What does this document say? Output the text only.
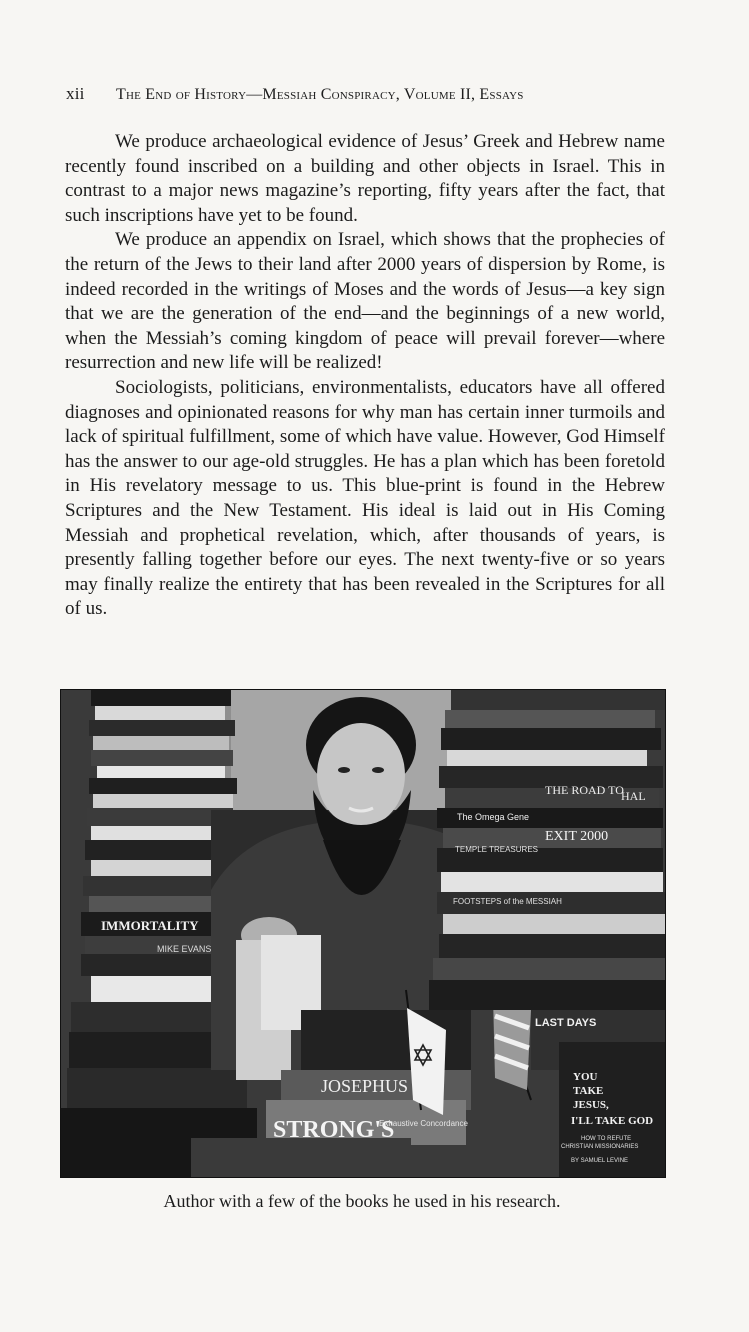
xii The End of History—Messiah Conspiracy, Volume II, Essays

We produce archaeological evidence of Jesus’ Greek and Hebrew name recently found inscribed on a building and other objects in Israel. This in contrast to a major news magazine’s reporting, fifty years after the fact, that such inscriptions have yet to be found.

We produce an appendix on Israel, which shows that the prophecies of the return of the Jews to their land after 2000 years of dispersion by Rome, is indeed recorded in the writings of Moses and the words of Jesus—a key sign that we are the generation of the end—and the beginnings of a new world, when the Messiah’s coming kingdom of peace will prevail forever—where resurrection and new life will be realized!

Sociologists, politicians, environmentalists, educators have all offered diagnoses and opinionated reasons for why man has certain inner turmoils and lack of spiritual fulfillment, some of which have value. However, God Himself has the answer to our age-old struggles. He has a plan which has been foretold in His revelatory message to us. This blue-print is found in the Hebrew Scriptures and the New Testament. His ideal is laid out in His Coming Messiah and prophetical revelation, which, after thousands of years, is presently falling together before our eyes. The next twenty-five or so years may finally realize the entirety that has been revealed in the Scriptures for all of us.

IMMORTALITY
MIKE EVANS
JOSEPHUS
STRONG'S
Exhaustive Concordance
THE ROAD TO
HAL
EXIT 2000
The Omega Gene
TEMPLE TREASURES
FOOTSTEPS of the MESSIAH
LAST DAYS
YOU
TAKE
JESUS,
I'LL TAKE GOD
HOW TO REFUTE
CHRISTIAN MISSIONARIES
BY SAMUEL LEVINE
Author with a few of the books he used in his research.
